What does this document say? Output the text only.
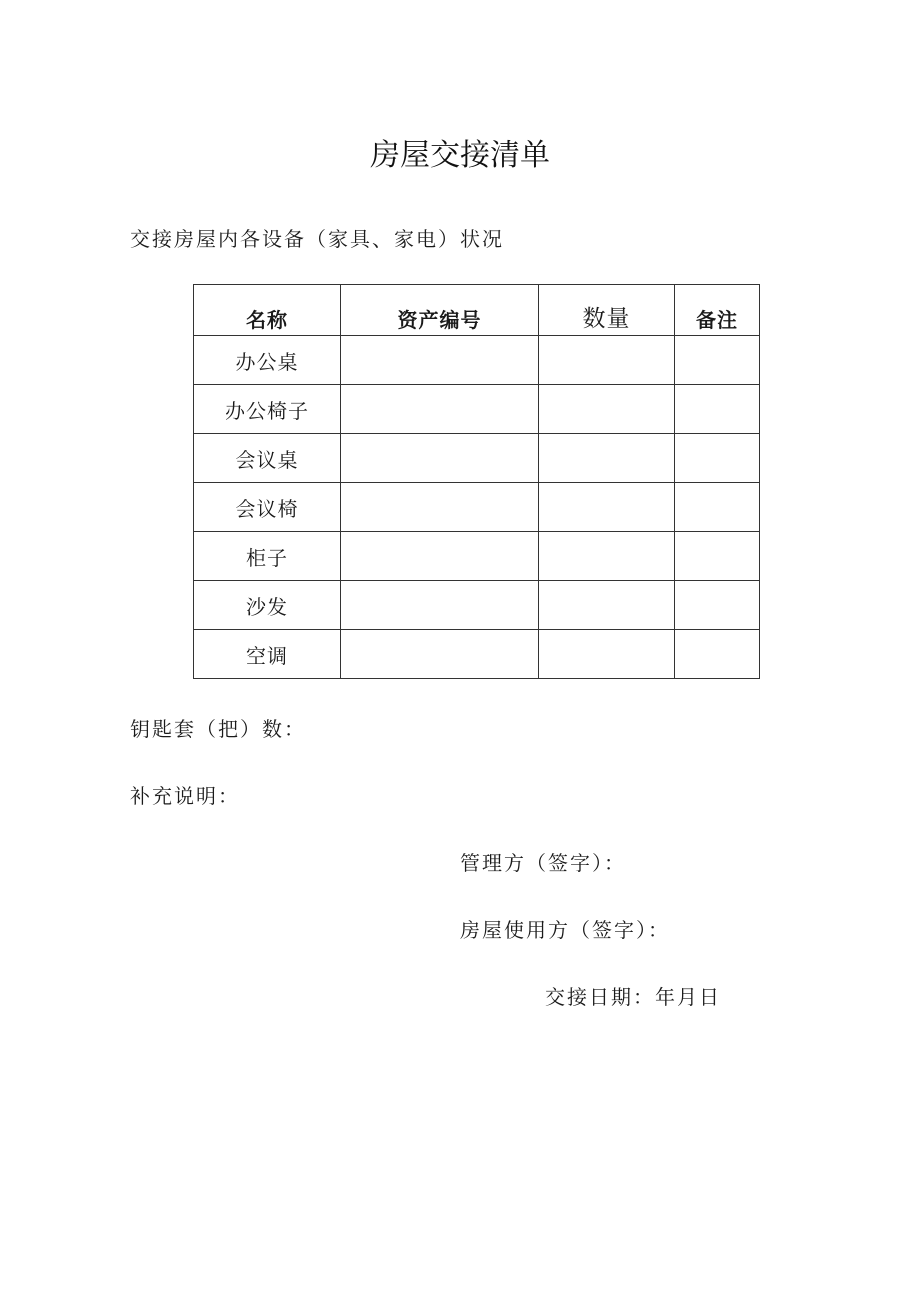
房屋交接清单
交接房屋内各设备（家具、家电）状况
名称	资产编号	数量	备注
办公桌			
办公椅子			
会议桌			
会议椅			
柜子			
沙发			
空调			
钥匙套（把）数：
补充说明：
管理方（签字）：
房屋使用方（签字）：
交接日期：年月日
